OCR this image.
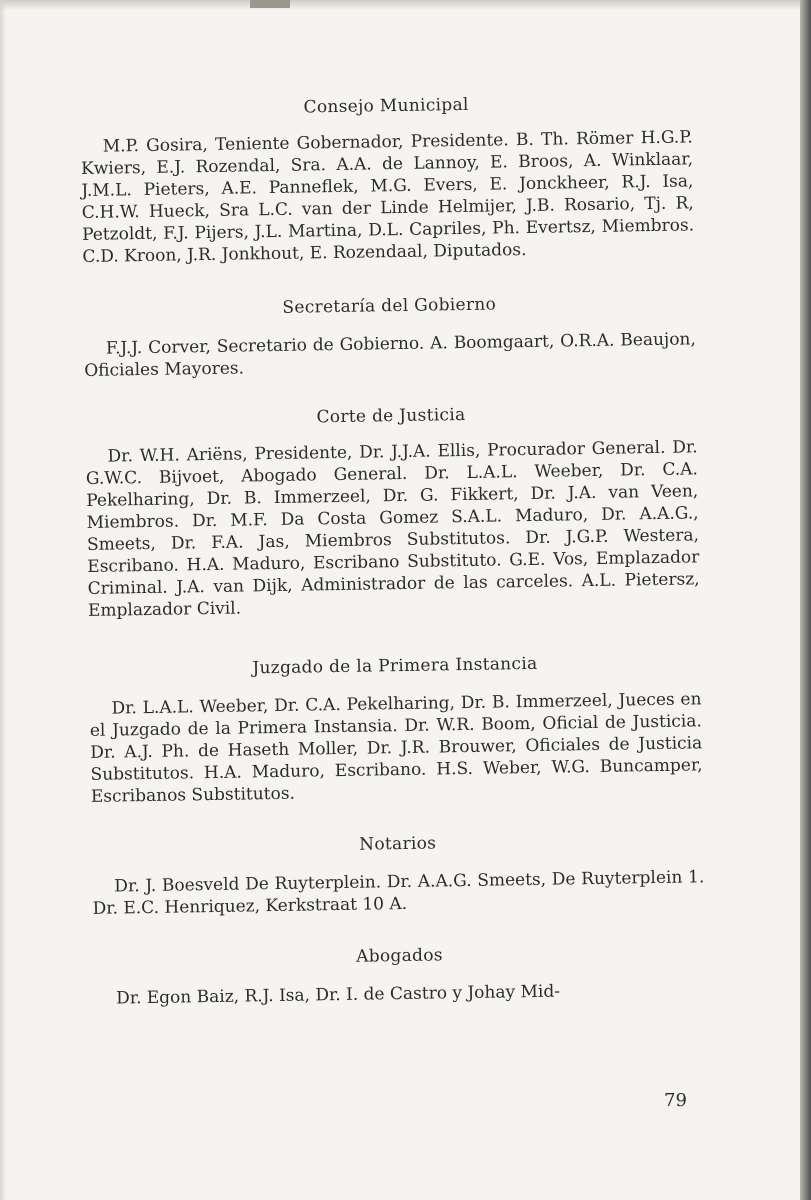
Consejo Municipal

M.P. Gosira, Teniente Gobernador, Presidente. B. Th. Römer H.G.P. Kwiers, E.J. Rozendal, Sra. A.A. de Lannoy, E. Broos, A. Winklaar, J.M.L. Pieters, A.E. Panneflek, M.G. Evers, E. Jonckheer, R.J. Isa, C.H.W. Hueck, Sra L.C. van der Linde Helmijer, J.B. Rosario, Tj. R, Petzoldt, F.J. Pijers, J.L. Martina, D.L. Capriles, Ph. Evertsz, Miembros. C.D. Kroon, J.R. Jonkhout, E. Rozendaal, Diputados.

Secretaría del Gobierno

F.J.J. Corver, Secretario de Gobierno. A. Boomgaart, O.R.A. Beaujon, Oficiales Mayores.

Corte de Justicia

Dr. W.H. Ariëns, Presidente, Dr. J.J.A. Ellis, Procurador General. Dr. G.W.C. Bijvoet, Abogado General. Dr. L.A.L. Weeber, Dr. C.A. Pekelharing, Dr. B. Immerzeel, Dr. G. Fikkert, Dr. J.A. van Veen, Miembros. Dr. M.F. Da Costa Gomez S.A.L. Maduro, Dr. A.A.G., Smeets, Dr. F.A. Jas, Miembros Substitutos. Dr. J.G.P. Westera, Escribano. H.A. Maduro, Escribano Substituto. G.E. Vos, Emplazador Criminal. J.A. van Dijk, Administrador de las carceles. A.L. Pietersz, Emplazador Civil.

Juzgado de la Primera Instancia

Dr. L.A.L. Weeber, Dr. C.A. Pekelharing, Dr. B. Immerzeel, Jueces en el Juzgado de la Primera Instansia. Dr. W.R. Boom, Oficial de Justicia. Dr. A.J. Ph. de Haseth Moller, Dr. J.R. Brouwer, Oficiales de Justicia Substitutos. H.A. Maduro, Escribano. H.S. Weber, W.G. Buncamper, Escribanos Substitutos.

Notarios

Dr. J. Boesveld De Ruyterplein. Dr. A.A.G. Smeets, De Ruyterplein 1. Dr. E.C. Henriquez, Kerkstraat 10 A.

Abogados

Dr. Egon Baiz, R.J. Isa, Dr. I. de Castro y Johay Mid-

79
